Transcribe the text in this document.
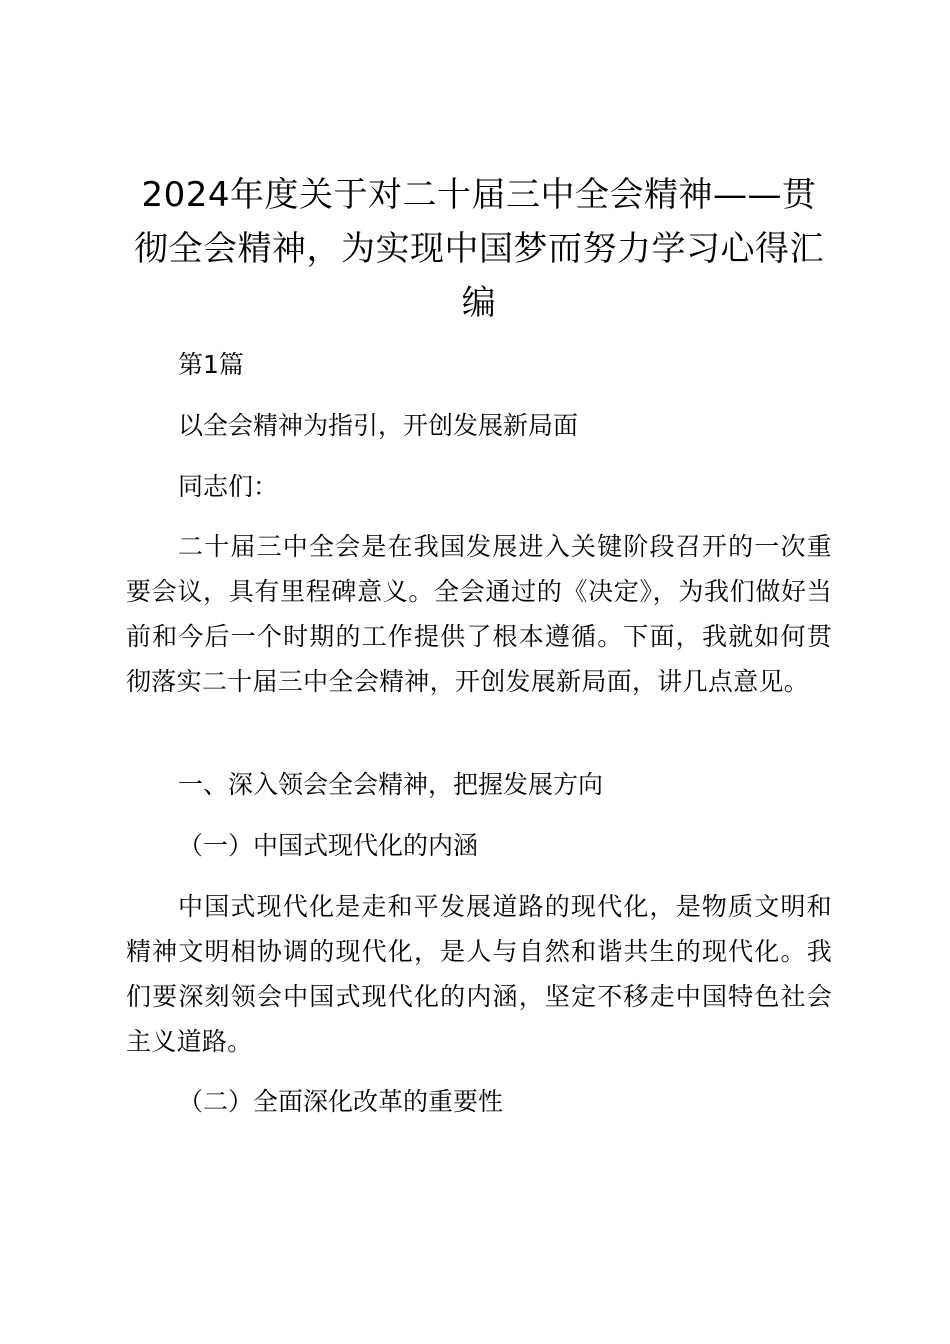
2024年度关于对二十届三中全会精神——贯彻全会精神，为实现中国梦而努力学习心得汇编

第1篇

以全会精神为指引，开创发展新局面

同志们：

二十届三中全会是在我国发展进入关键阶段召开的一次重要会议，具有里程碑意义。全会通过的《决定》，为我们做好当前和今后一个时期的工作提供了根本遵循。下面，我就如何贯彻落实二十届三中全会精神，开创发展新局面，讲几点意见。

一、深入领会全会精神，把握发展方向

（一）中国式现代化的内涵

中国式现代化是走和平发展道路的现代化，是物质文明和精神文明相协调的现代化，是人与自然和谐共生的现代化。我们要深刻领会中国式现代化的内涵，坚定不移走中国特色社会主义道路。

（二）全面深化改革的重要性
